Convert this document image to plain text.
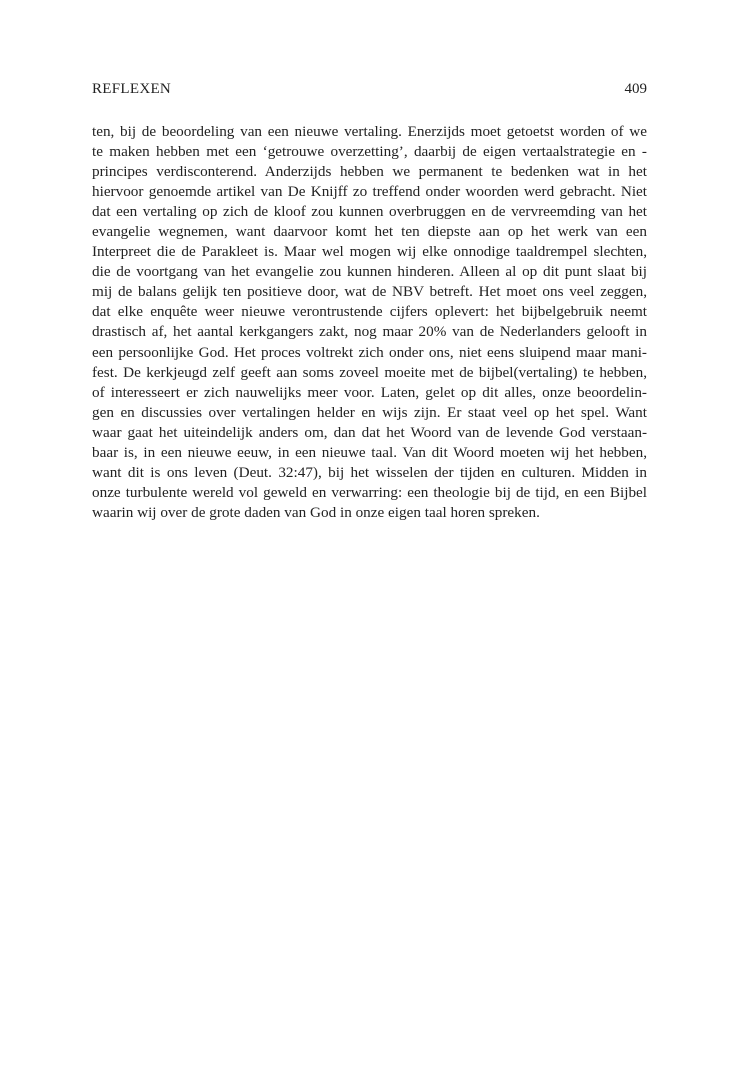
REFLEXEN	409
ten, bij de beoordeling van een nieuwe vertaling. Enerzijds moet getoetst worden of we
te maken hebben met een ‘getrouwe overzetting’, daarbij de eigen vertaalstrategie en -
principes verdisconterend. Anderzijds hebben we permanent te bedenken wat in het
hiervoor genoemde artikel van De Knijff zo treffend onder woorden werd gebracht. Niet
dat een vertaling op zich de kloof zou kunnen overbruggen en de vervreemding van het
evangelie wegnemen, want daarvoor komt het ten diepste aan op het werk van een
Interpreet die de Parakleet is. Maar wel mogen wij elke onnodige taaldrempel slechten,
die de voortgang van het evangelie zou kunnen hinderen. Alleen al op dit punt slaat bij
mij de balans gelijk ten positieve door, wat de NBV betreft. Het moet ons veel zeggen,
dat elke enquête weer nieuwe verontrustende cijfers oplevert: het bijbelgebruik neemt
drastisch af, het aantal kerkgangers zakt, nog maar 20% van de Nederlanders gelooft in
een persoonlijke God. Het proces voltrekt zich onder ons, niet eens sluipend maar mani-
fest. De kerkjeugd zelf geeft aan soms zoveel moeite met de bijbel(vertaling) te hebben,
of interesseert er zich nauwelijks meer voor. Laten, gelet op dit alles, onze beoordelin-
gen en discussies over vertalingen helder en wijs zijn. Er staat veel op het spel. Want
waar gaat het uiteindelijk anders om, dan dat het Woord van de levende God verstaan-
baar is, in een nieuwe eeuw, in een nieuwe taal. Van dit Woord moeten wij het hebben,
want dit is ons leven (Deut. 32:47), bij het wisselen der tijden en culturen. Midden in
onze turbulente wereld vol geweld en verwarring: een theologie bij de tijd, en een Bijbel
waarin wij over de grote daden van God in onze eigen taal horen spreken.
